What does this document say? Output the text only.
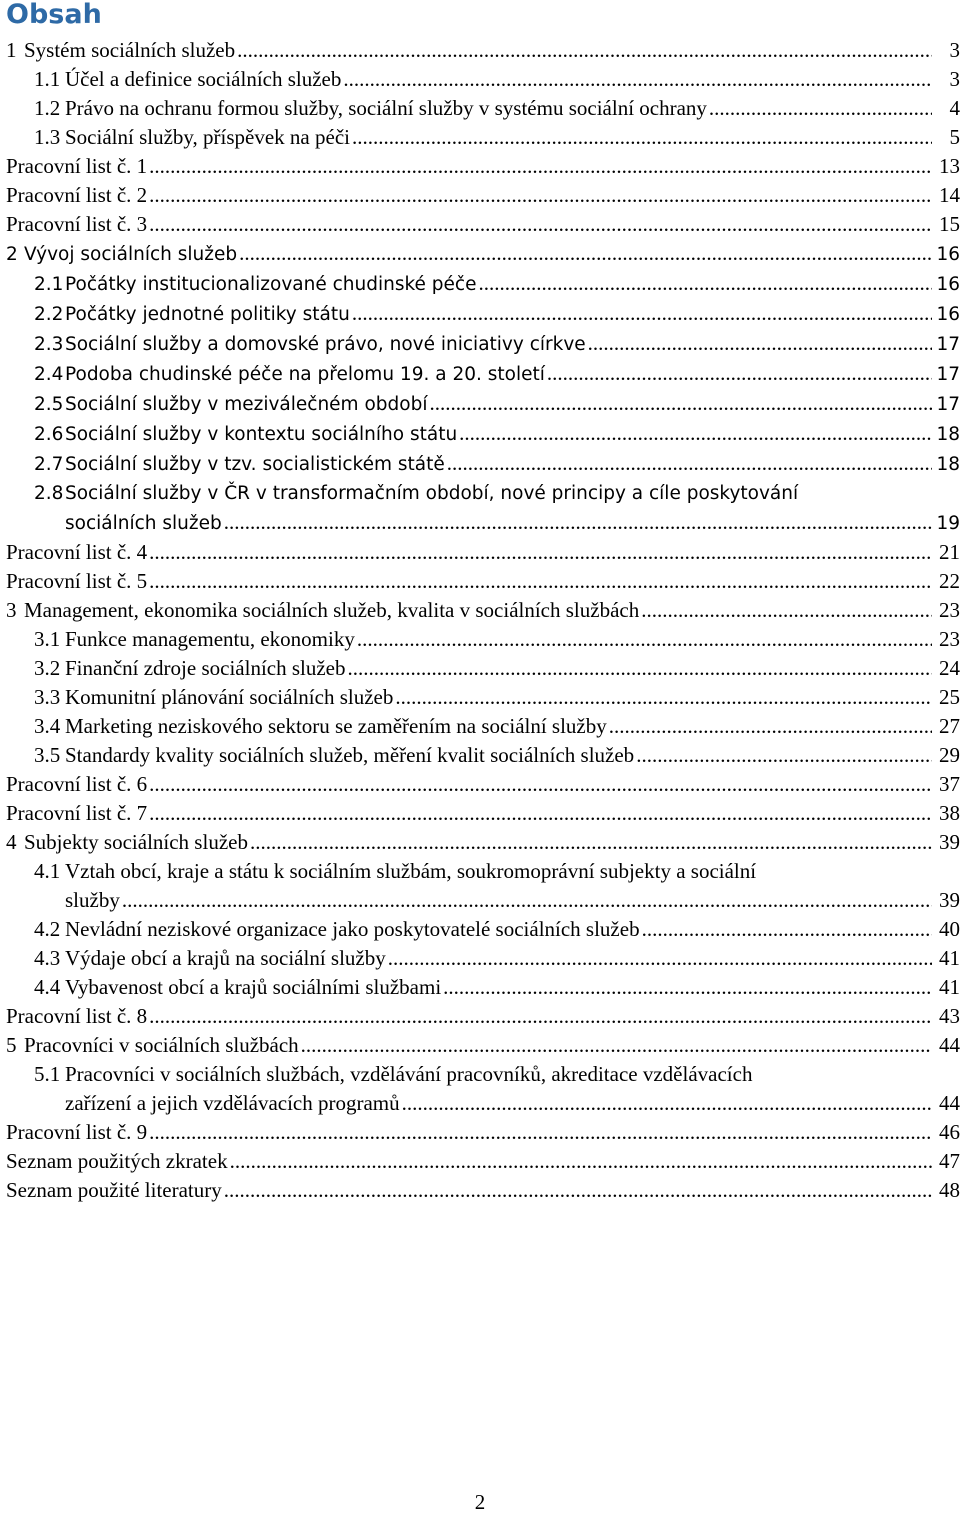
Obsah
1 Systém sociálních služeb .....	3
1.1 Účel a definice sociálních služeb .....	3
1.2 Právo na ochranu formou služby, sociální služby v systému sociální ochrany .....	4
1.3 Sociální služby, příspěvek na péči .....	5
Pracovní list č. 1 .....	13
Pracovní list č. 2 .....	14
Pracovní list č. 3 .....	15
2 Vývoj sociálních služeb .....	16
2.1 Počátky institucionalizované chudinské péče .....	16
2.2 Počátky jednotné politiky státu .....	16
2.3 Sociální služby a domovské právo, nové iniciativy církve .....	17
2.4 Podoba chudinské péče na přelomu 19. a 20. století .....	17
2.5 Sociální služby v meziválečném období .....	17
2.6 Sociální služby v kontextu sociálního státu .....	18
2.7 Sociální služby v tzv. socialistickém státě .....	18
2.8 Sociální služby v ČR v transformačním období, nové principy a cíle poskytování
sociálních služeb .....	19
Pracovní list č. 4 .....	21
Pracovní list č. 5 .....	22
3 Management, ekonomika sociálních služeb, kvalita v sociálních službách .....	23
3.1 Funkce managementu, ekonomiky .....	23
3.2 Finanční zdroje sociálních služeb .....	24
3.3 Komunitní plánování sociálních služeb .....	25
3.4 Marketing neziskového sektoru se zaměřením na sociální služby .....	27
3.5 Standardy kvality sociálních služeb, měření kvalit sociálních služeb .....	29
Pracovní list č. 6 .....	37
Pracovní list č. 7 .....	38
4 Subjekty sociálních služeb .....	39
4.1 Vztah obcí, kraje a státu k sociálním službám, soukromoprávní subjekty a sociální
služby .....	39
4.2 Nevládní neziskové organizace jako poskytovatelé sociálních služeb .....	40
4.3 Výdaje obcí a krajů na sociální služby .....	41
4.4 Vybavenost obcí a krajů sociálními službami .....	41
Pracovní list č. 8 .....	43
5 Pracovníci v sociálních službách .....	44
5.1 Pracovníci v sociálních službách, vzdělávání pracovníků, akreditace vzdělávacích
zařízení a jejich vzdělávacích programů .....	44
Pracovní list č. 9 .....	46
Seznam použitých zkratek .....	47
Seznam použité literatury .....	48
2
